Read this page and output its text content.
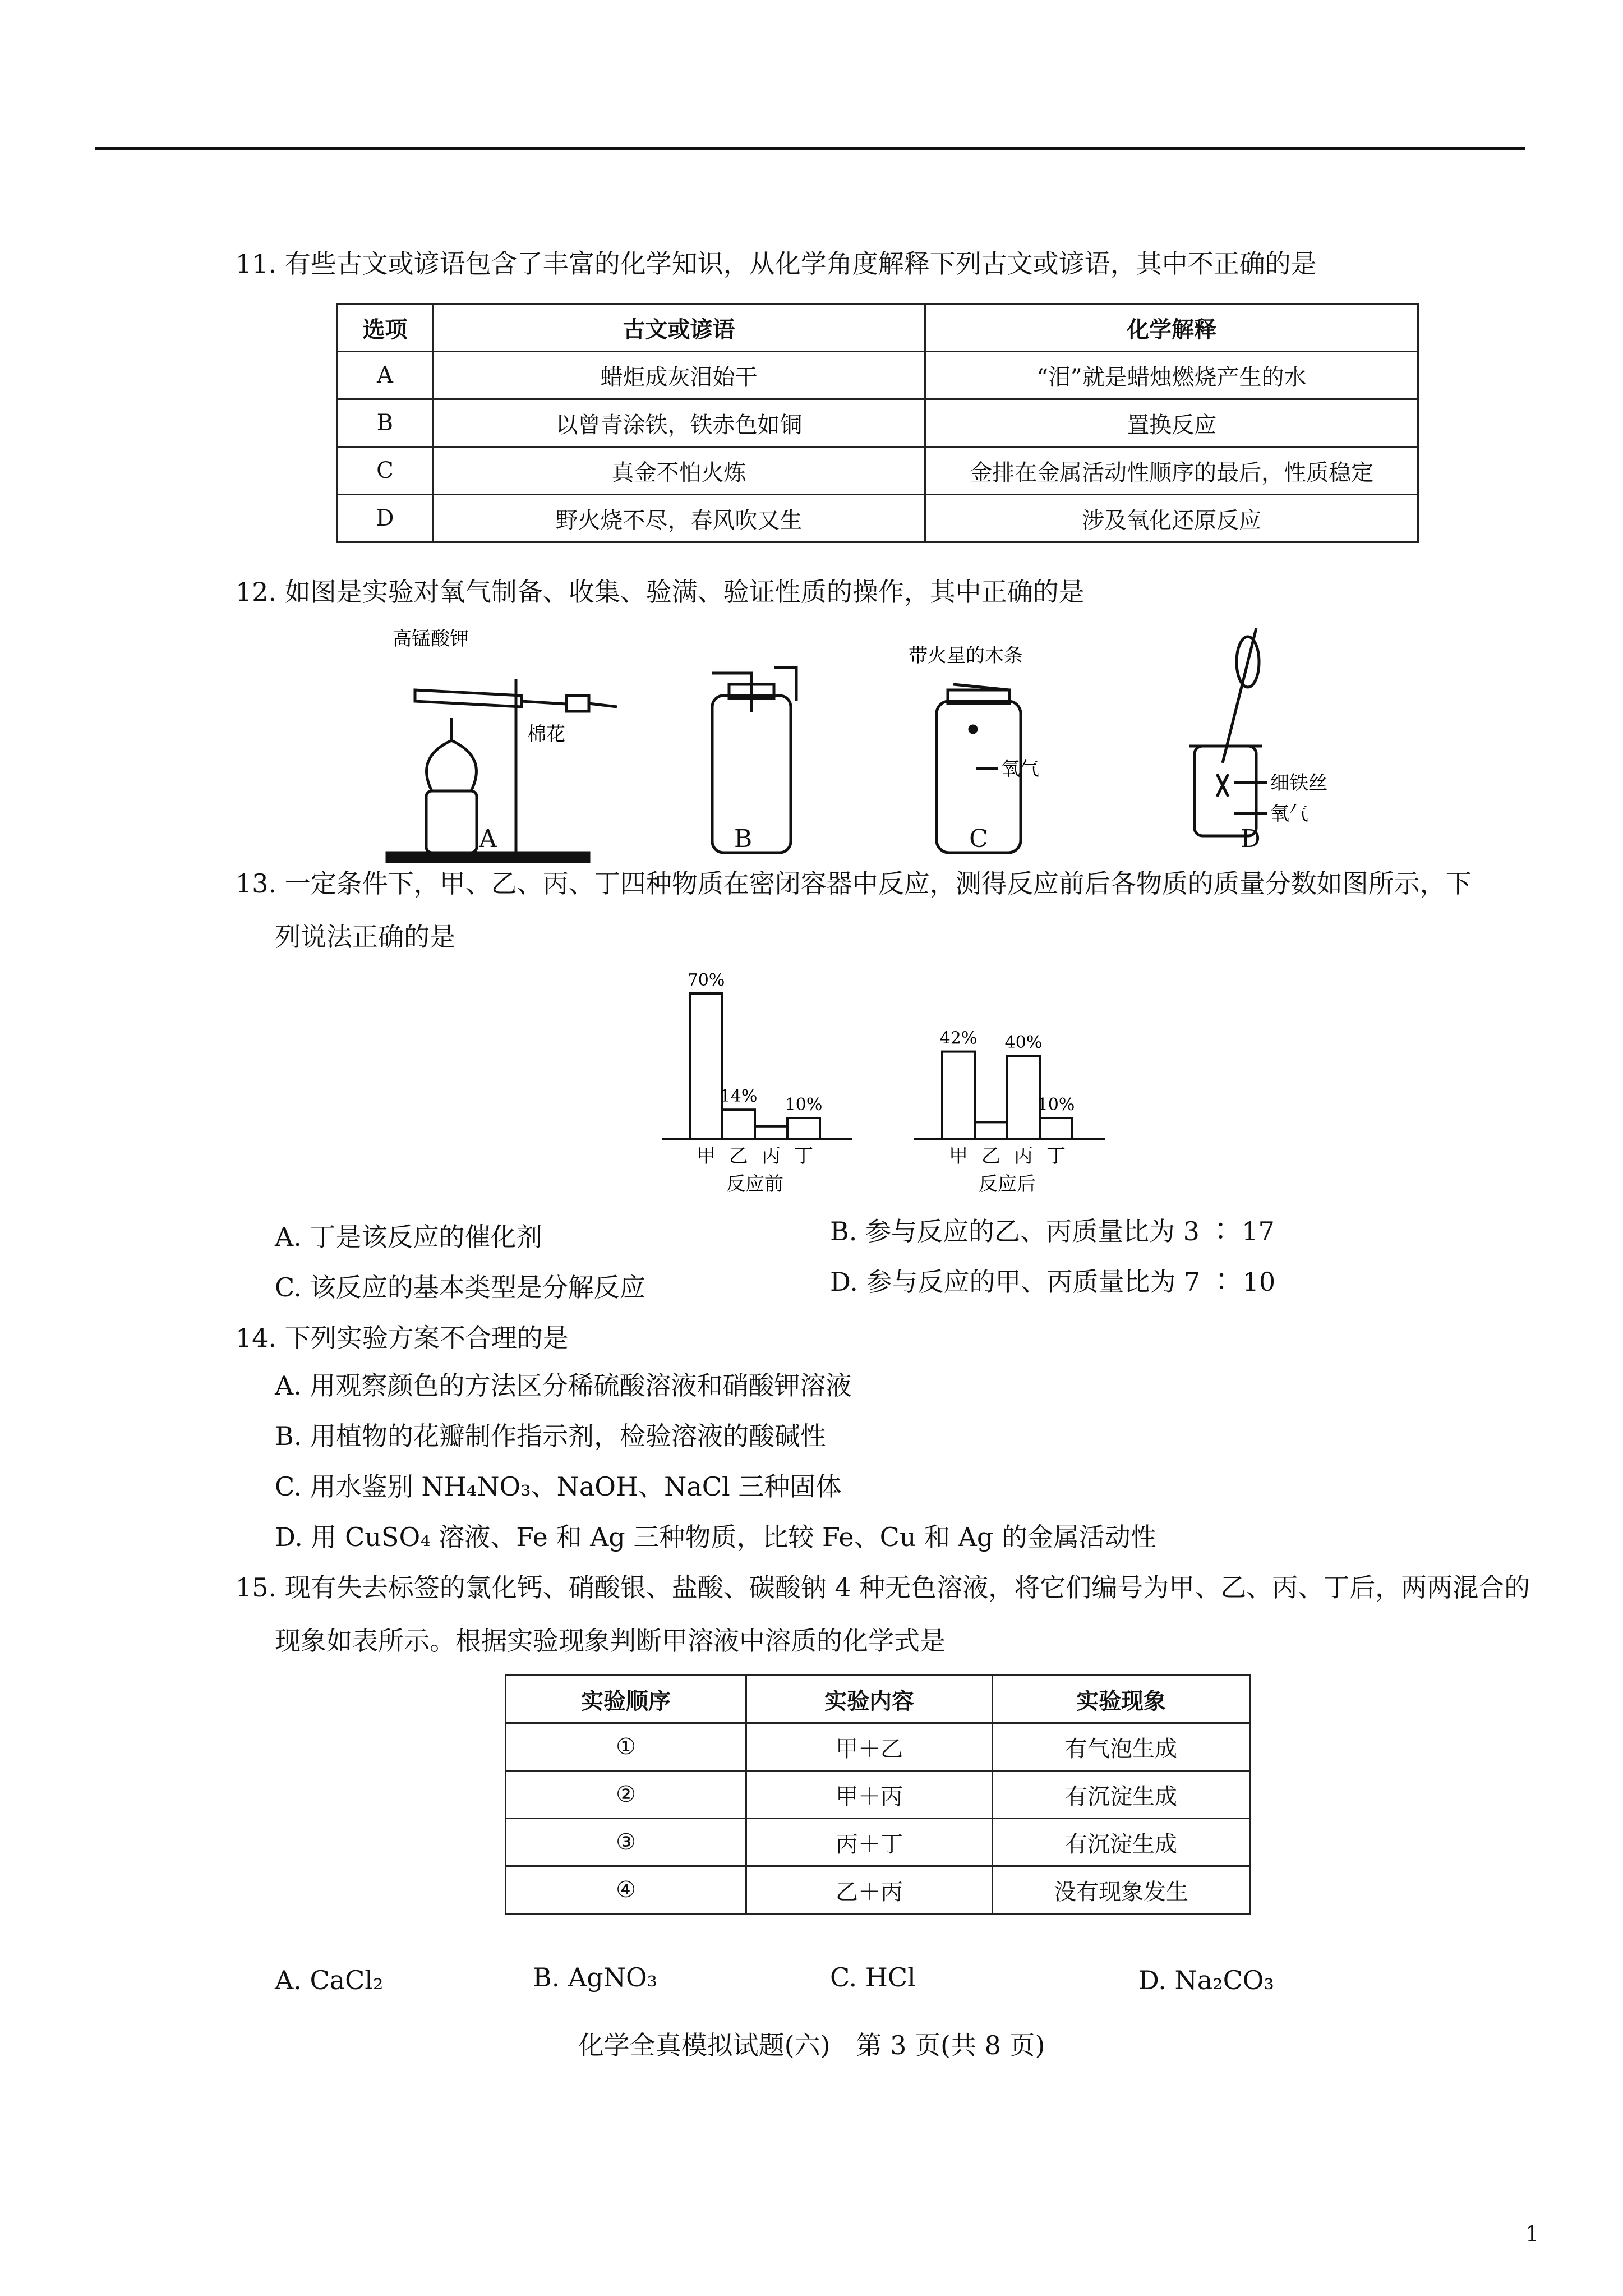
11. 有些古文或谚语包含了丰富的化学知识，从化学角度解释下列古文或谚语，其中不正确的是
选项	古文或谚语	化学解释
A	蜡炬成灰泪始干	“泪”就是蜡烛燃烧产生的水
B	以曾青涂铁，铁赤色如铜	置换反应
C	真金不怕火炼	金排在金属活动性顺序的最后，性质稳定
D	野火烧不尽，春风吹又生	涉及氧化还原反应
12. 如图是实验对氧气制备、收集、验满、验证性质的操作，其中正确的是
高锰酸钾
棉花
带火星的木条
氧气
细铁丝
氧气
A	B	C	D
13. 一定条件下，甲、乙、丙、丁四种物质在密闭容器中反应，测得反应前后各物质的质量分数如图所示，下
列说法正确的是
70%
甲
14%
乙 丙
10%
丁
反应前
42%
甲 乙
40%
丙
10%
丁
反应后
A. 丁是该反应的催化剂	B. 参与反应的乙、丙质量比为 3 ∶ 17
C. 该反应的基本类型是分解反应	D. 参与反应的甲、丙质量比为 7 ∶ 10
14. 下列实验方案不合理的是
A. 用观察颜色的方法区分稀硫酸溶液和硝酸钾溶液
B. 用植物的花瓣制作指示剂，检验溶液的酸碱性
C. 用水鉴别 NH₄NO₃、NaOH、NaCl 三种固体
D. 用 CuSO₄ 溶液、Fe 和 Ag 三种物质，比较 Fe、Cu 和 Ag 的金属活动性
15. 现有失去标签的氯化钙、硝酸银、盐酸、碳酸钠 4 种无色溶液，将它们编号为甲、乙、丙、丁后，两两混合的
现象如表所示。根据实验现象判断甲溶液中溶质的化学式是
实验顺序	实验内容	实验现象
①	甲＋乙	有气泡生成
②	甲＋丙	有沉淀生成
③	丙＋丁	有沉淀生成
④	乙＋丙	没有现象发生
A. CaCl₂	B. AgNO₃	C. HCl	D. Na₂CO₃
化学全真模拟试题(六)　第 3 页(共 8 页)
1
